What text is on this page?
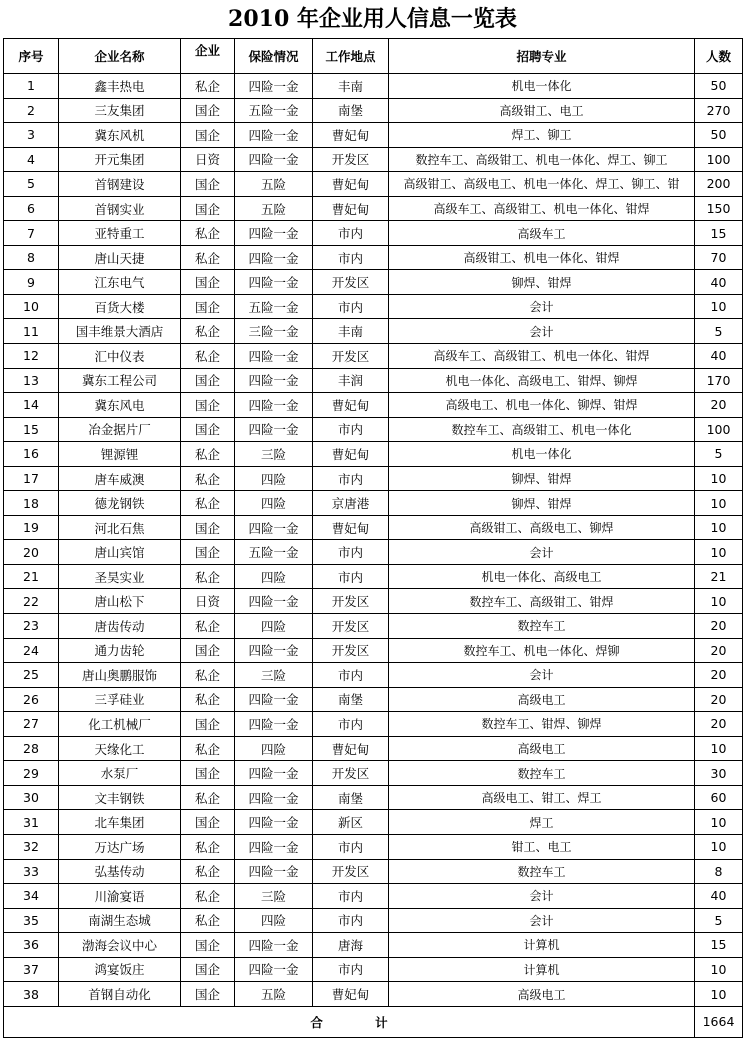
2010 年企业用人信息一览表
序号	企业名称	企业	保险情况	工作地点	招聘专业	人数
1	鑫丰热电	私企	四险一金	丰南	机电一体化	50
2	三友集团	国企	五险一金	南堡	高级钳工、电工	270
3	冀东风机	国企	四险一金	曹妃甸	焊工、铆工	50
4	开元集团	日资	四险一金	开发区	数控车工、高级钳工、机电一体化、焊工、铆工	100
5	首钢建设	国企	五险	曹妃甸	高级钳工、高级电工、机电一体化、焊工、铆工、钳	200
6	首钢实业	国企	五险	曹妃甸	高级车工、高级钳工、机电一体化、钳焊	150
7	亚特重工	私企	四险一金	市内	高级车工	15
8	唐山天捷	私企	四险一金	市内	高级钳工、机电一体化、钳焊	70
9	江东电气	国企	四险一金	开发区	铆焊、钳焊	40
10	百货大楼	国企	五险一金	市内	会计	10
11	国丰维景大酒店	私企	三险一金	丰南	会计	5
12	汇中仪表	私企	四险一金	开发区	高级车工、高级钳工、机电一体化、钳焊	40
13	冀东工程公司	国企	四险一金	丰润	机电一体化、高级电工、钳焊、铆焊	170
14	冀东风电	国企	四险一金	曹妃甸	高级电工、机电一体化、铆焊、钳焊	20
15	冶金据片厂	国企	四险一金	市内	数控车工、高级钳工、机电一体化	100
16	锂源锂	私企	三险	曹妃甸	机电一体化	5
17	唐车威澳	私企	四险	市内	铆焊、钳焊	10
18	德龙钢铁	私企	四险	京唐港	铆焊、钳焊	10
19	河北石焦	国企	四险一金	曹妃甸	高级钳工、高级电工、铆焊	10
20	唐山宾馆	国企	五险一金	市内	会计	10
21	圣昊实业	私企	四险	市内	机电一体化、高级电工	21
22	唐山松下	日资	四险一金	开发区	数控车工、高级钳工、钳焊	10
23	唐齿传动	私企	四险	开发区	数控车工	20
24	通力齿轮	国企	四险一金	开发区	数控车工、机电一体化、焊铆	20
25	唐山奥鹏服饰	私企	三险	市内	会计	20
26	三孚硅业	私企	四险一金	南堡	高级电工	20
27	化工机械厂	国企	四险一金	市内	数控车工、钳焊、铆焊	20
28	天缘化工	私企	四险	曹妃甸	高级电工	10
29	水泵厂	国企	四险一金	开发区	数控车工	30
30	文丰钢铁	私企	四险一金	南堡	高级电工、钳工、焊工	60
31	北车集团	国企	四险一金	新区	焊工	10
32	万达广场	私企	四险一金	市内	钳工、电工	10
33	弘基传动	私企	四险一金	开发区	数控车工	8
34	川渝宴语	私企	三险	市内	会计	40
35	南湖生态城	私企	四险	市内	会计	5
36	渤海会议中心	国企	四险一金	唐海	计算机	15
37	鸿宴饭庄	国企	四险一金	市内	计算机	10
38	首钢自动化	国企	五险	曹妃甸	高级电工	10
合 计						1664
